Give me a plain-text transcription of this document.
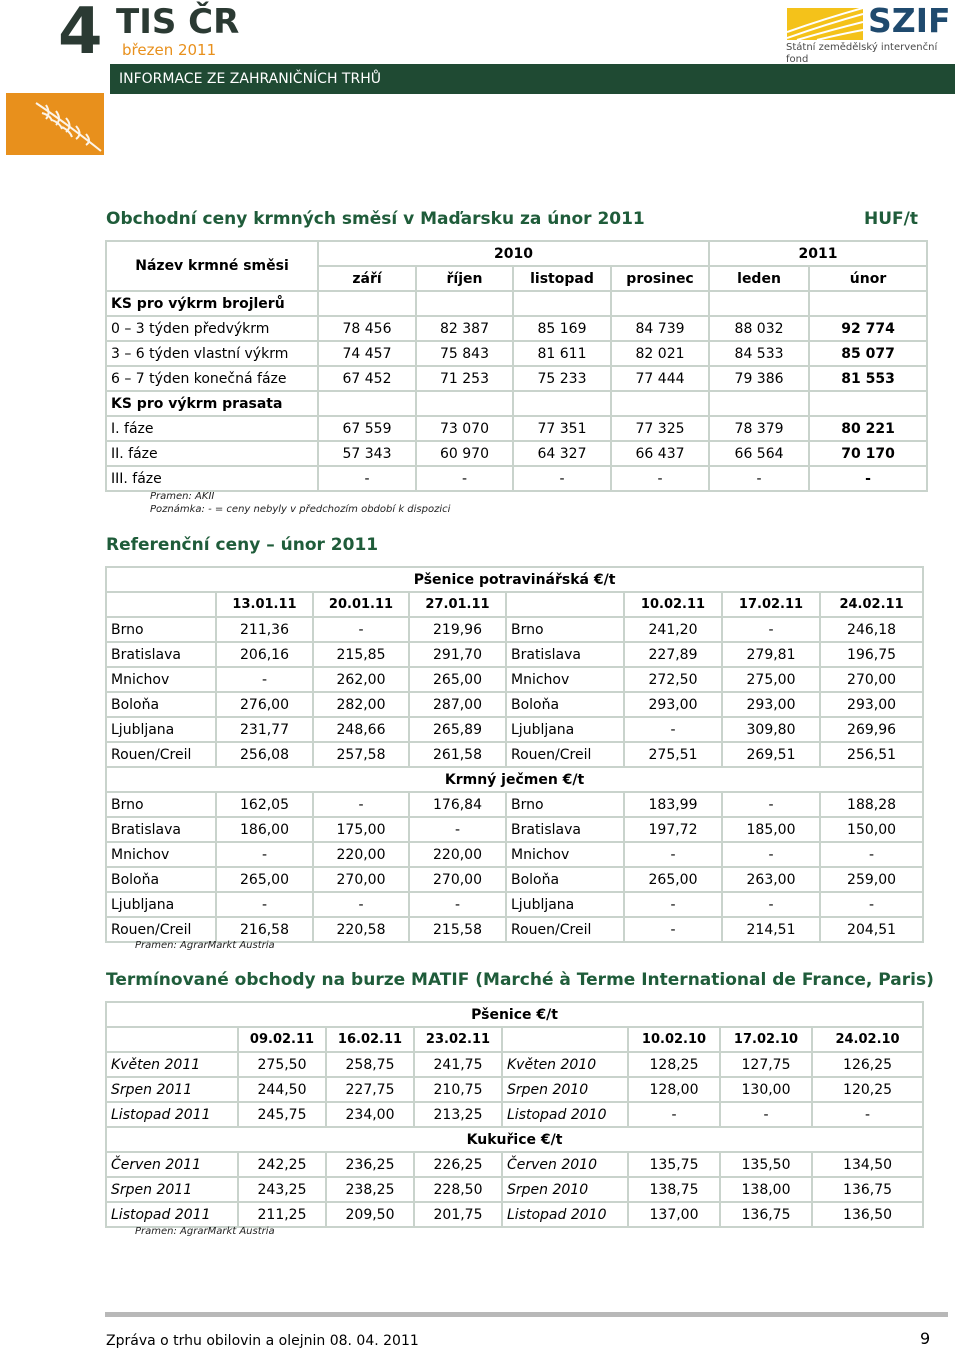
4 TIS ČR
březen 2011
INFORMACE ZE ZAHRANIČNÍCH TRHŮ
SZIF
Státní zemědělský intervenční fond
Obchodní ceny krmných směsí v Maďarsku za únor 2011	HUF/t
Název krmné směsi	2010				2011	
	září	říjen	listopad	prosinec	leden	únor
KS pro výkrm brojlerů						
0 – 3 týden předvýkrm	78 456	82 387	85 169	84 739	88 032	92 774
3 – 6 týden vlastní výkrm	74 457	75 843	81 611	82 021	84 533	85 077
6 – 7 týden konečná fáze	67 452	71 253	75 233	77 444	79 386	81 553
KS pro výkrm prasata						
I. fáze	67 559	73 070	77 351	77 325	78 379	80 221
II. fáze	57 343	60 970	64 327	66 437	66 564	70 170
III. fáze	-	-	-	-	-	-
Pramen: AKII
Poznámka: - = ceny nebyly v předchozím období k dispozici
Referenční ceny – únor 2011
Pšenice potravinářská €/t							
	13.01.11	20.01.11	27.01.11		10.02.11	17.02.11	24.02.11
Brno	211,36	-	219,96	Brno	241,20	-	246,18
Bratislava	206,16	215,85	291,70	Bratislava	227,89	279,81	196,75
Mnichov	-	262,00	265,00	Mnichov	272,50	275,00	270,00
Boloňa	276,00	282,00	287,00	Boloňa	293,00	293,00	293,00
Ljubljana	231,77	248,66	265,89	Ljubljana	-	309,80	269,96
Rouen/Creil	256,08	257,58	261,58	Rouen/Creil	275,51	269,51	256,51
Krmný ječmen €/t							
Brno	162,05	-	176,84	Brno	183,99	-	188,28
Bratislava	186,00	175,00	-	Bratislava	197,72	185,00	150,00
Mnichov	-	220,00	220,00	Mnichov	-	-	-
Boloňa	265,00	270,00	270,00	Boloňa	265,00	263,00	259,00
Ljubljana	-	-	-	Ljubljana	-	-	-
Rouen/Creil	216,58	220,58	215,58	Rouen/Creil	-	214,51	204,51
Pramen: AgrarMarkt Austria
Termínované obchody na burze MATIF (Marché à Terme International de France, Paris)
Pšenice €/t							
	09.02.11	16.02.11	23.02.11		10.02.10	17.02.10	24.02.10
Květen 2011	275,50	258,75	241,75	Květen 2010	128,25	127,75	126,25
Srpen 2011	244,50	227,75	210,75	Srpen 2010	128,00	130,00	120,25
Listopad 2011	245,75	234,00	213,25	Listopad 2010	-	-	-
Kukuřice €/t							
Červen 2011	242,25	236,25	226,25	Červen 2010	135,75	135,50	134,50
Srpen 2011	243,25	238,25	228,50	Srpen 2010	138,75	138,00	136,75
Listopad 2011	211,25	209,50	201,75	Listopad 2010	137,00	136,75	136,50
Pramen: AgrarMarkt Austria
Zpráva o trhu obilovin a olejnin 08. 04. 2011	9
